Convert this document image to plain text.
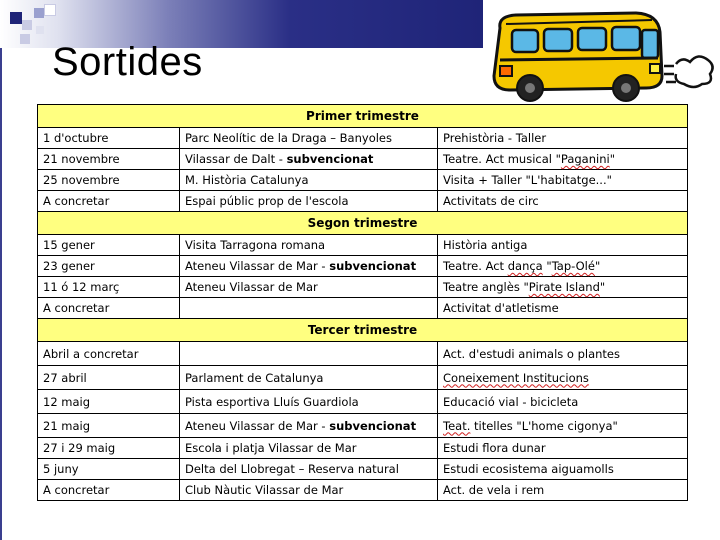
Sortides
Primer trimestre		
1 d'octubre	Parc Neolític de la Draga – Banyoles	Prehistòria - Taller
21 novembre	Vilassar de Dalt - subvencionat	Teatre. Act musical "Paganini"
25 novembre	M. Història Catalunya	Visita + Taller "L'habitatge..."
A concretar	Espai públic prop de l'escola	Activitats de circ
Segon trimestre		
15 gener	Visita Tarragona romana	Història antiga
23 gener	Ateneu Vilassar de Mar - subvencionat	Teatre. Act dança "Tap-Olé"
11 ó 12 març	Ateneu Vilassar de Mar	Teatre anglès "Pirate Island"
A concretar		Activitat d'atletisme
Tercer trimestre		
Abril a concretar		Act. d'estudi animals o plantes
27 abril	Parlament de Catalunya	Coneixement Institucions
12 maig	Pista esportiva Lluís Guardiola	Educació vial - bicicleta
21 maig	Ateneu Vilassar de Mar - subvencionat	Teat. titelles "L'home cigonya"
27 i 29 maig	Escola i platja Vilassar de Mar	Estudi flora dunar
5 juny	Delta del Llobregat – Reserva natural	Estudi ecosistema aiguamolls
A concretar	Club Nàutic Vilassar de Mar	Act. de vela i rem
